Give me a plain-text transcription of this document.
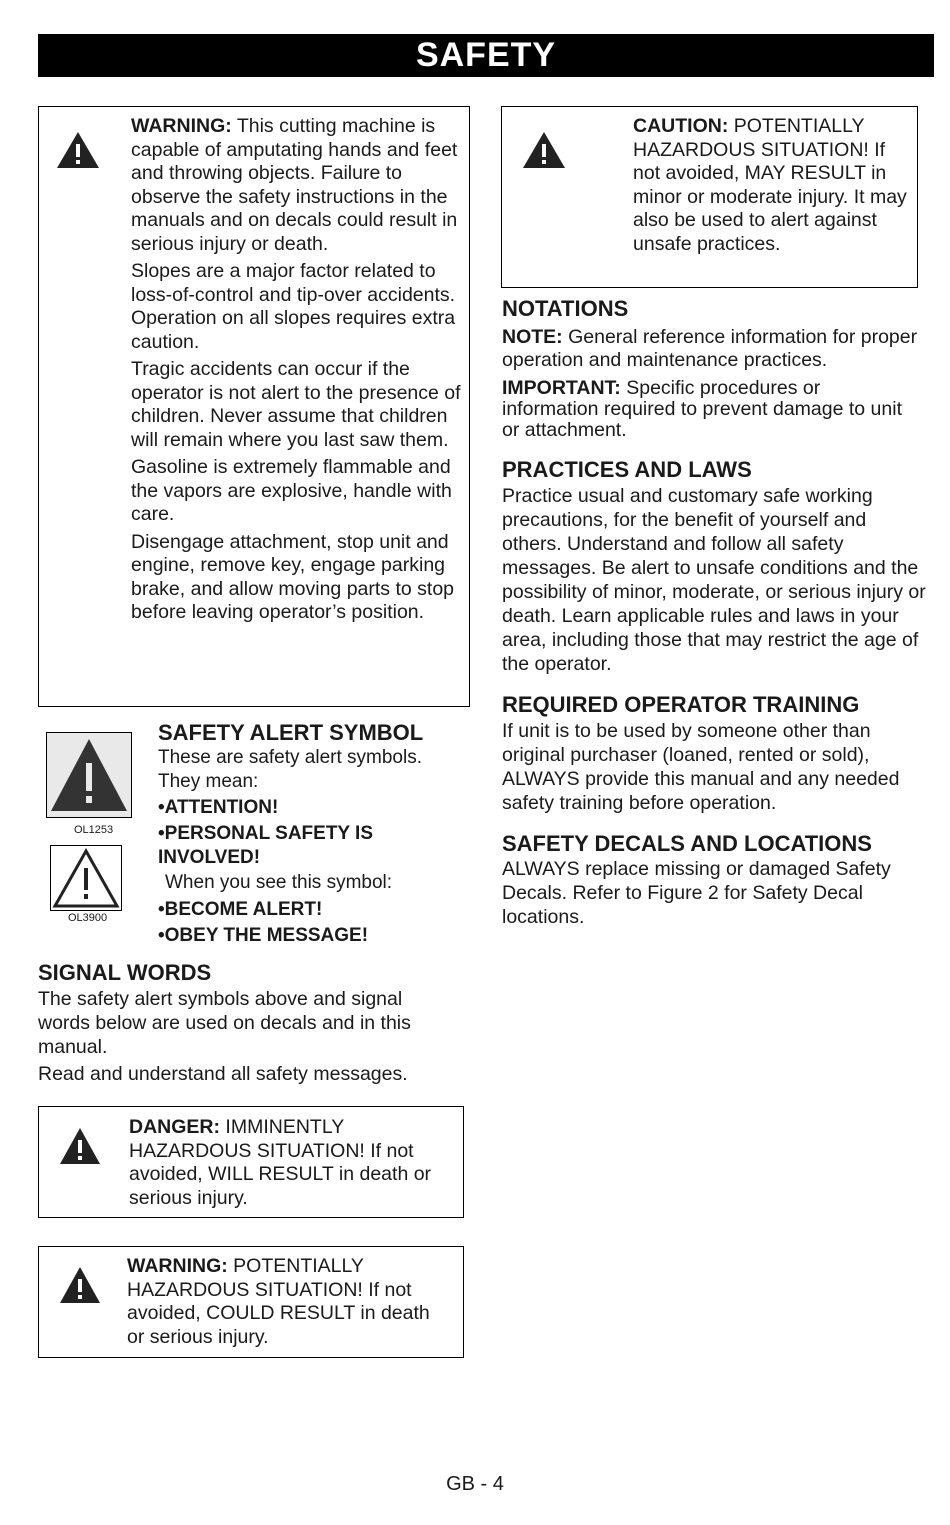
SAFETY

WARNING: This cutting machine is capable of amputating hands and feet and throwing objects. Failure to observe the safety instructions in the manuals and on decals could result in serious injury or death.

Slopes are a major factor related to loss-of-control and tip-over accidents. Operation on all slopes requires extra caution.

Tragic accidents can occur if the operator is not alert to the presence of children. Never assume that children will remain where you last saw them.

Gasoline is extremely flammable and the vapors are explosive, handle with care.

Disengage attachment, stop unit and engine, remove key, engage parking brake, and allow moving parts to stop before leaving operator’s position.

OL1253
OL3900
SAFETY ALERT SYMBOL
These are safety alert symbols. They mean:
•ATTENTION!
•PERSONAL SAFETY IS INVOLVED!
When you see this symbol:
•BECOME ALERT!
•OBEY THE MESSAGE!
SIGNAL WORDS

The safety alert symbols above and signal words below are used on decals and in this manual.

Read and understand all safety messages.

DANGER: IMMINENTLY HAZARDOUS SITUATION! If not avoided, WILL RESULT in death or serious injury.
WARNING: POTENTIALLY HAZARDOUS SITUATION! If not avoided, COULD RESULT in death or serious injury.
CAUTION: POTENTIALLY HAZARDOUS SITUATION! If not avoided, MAY RESULT in minor or moderate injury. It may also be used to alert against unsafe practices.
NOTATIONS

NOTE: General reference information for proper operation and maintenance practices.

IMPORTANT: Specific procedures or information required to prevent damage to unit or attachment.

PRACTICES AND LAWS

Practice usual and customary safe working precautions, for the benefit of yourself and others. Understand and follow all safety messages. Be alert to unsafe conditions and the possibility of minor, moderate, or serious injury or death. Learn applicable rules and laws in your area, including those that may restrict the age of the operator.

REQUIRED OPERATOR TRAINING

If unit is to be used by someone other than original purchaser (loaned, rented or sold), ALWAYS provide this manual and any needed safety training before operation.

SAFETY DECALS AND LOCATIONS

ALWAYS replace missing or damaged Safety Decals. Refer to Figure 2 for Safety Decal locations.

GB - 4
